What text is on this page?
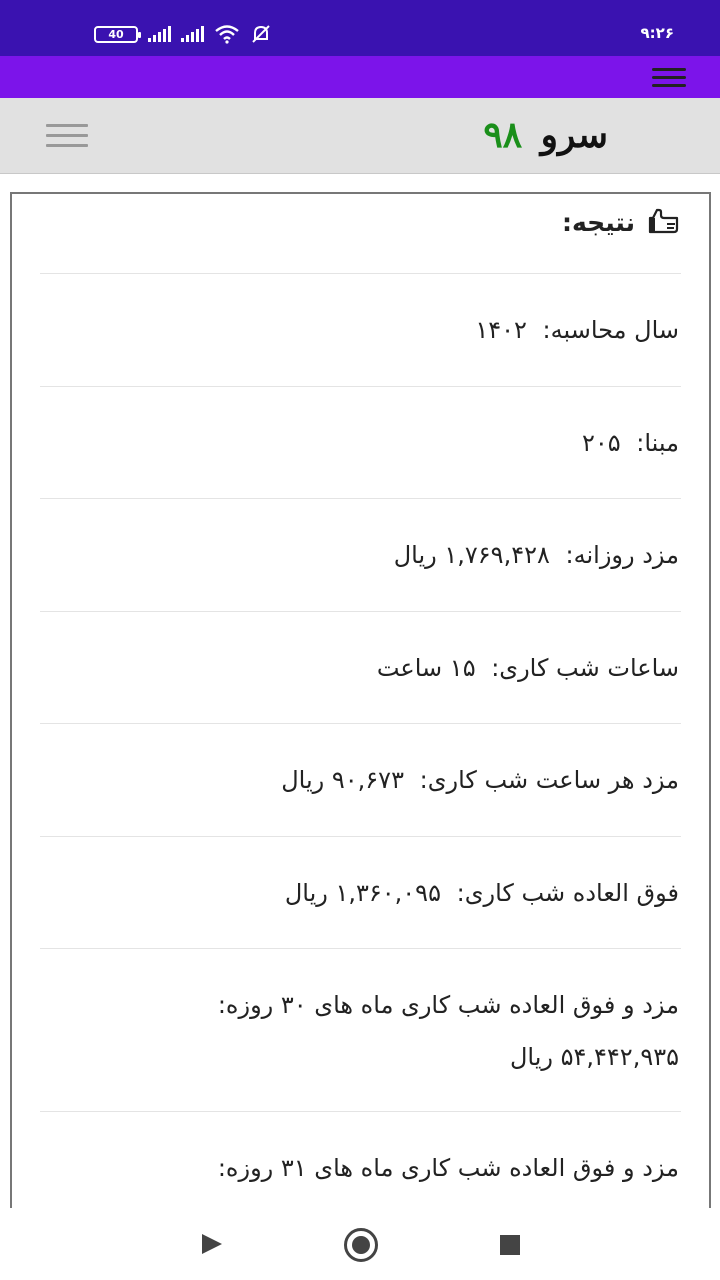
40	۹:۲۶
سرو ۹۸
نتیجه:
سال محاسبه: ۱۴۰۲
مبنا: ۲۰۵
مزد روزانه: ۱,۷۶۹,۴۲۸ ریال
ساعات شب کاری: ۱۵ ساعت
مزد هر ساعت شب کاری: ۹۰,۶۷۳ ریال
فوق العاده شب کاری: ۱,۳۶۰,۰۹۵ ریال
مزد و فوق العاده شب کاری ماه های ۳۰ روزه:
۵۴,۴۴۲,۹۳۵ ریال
مزد و فوق العاده شب کاری ماه های ۳۱ روزه:
